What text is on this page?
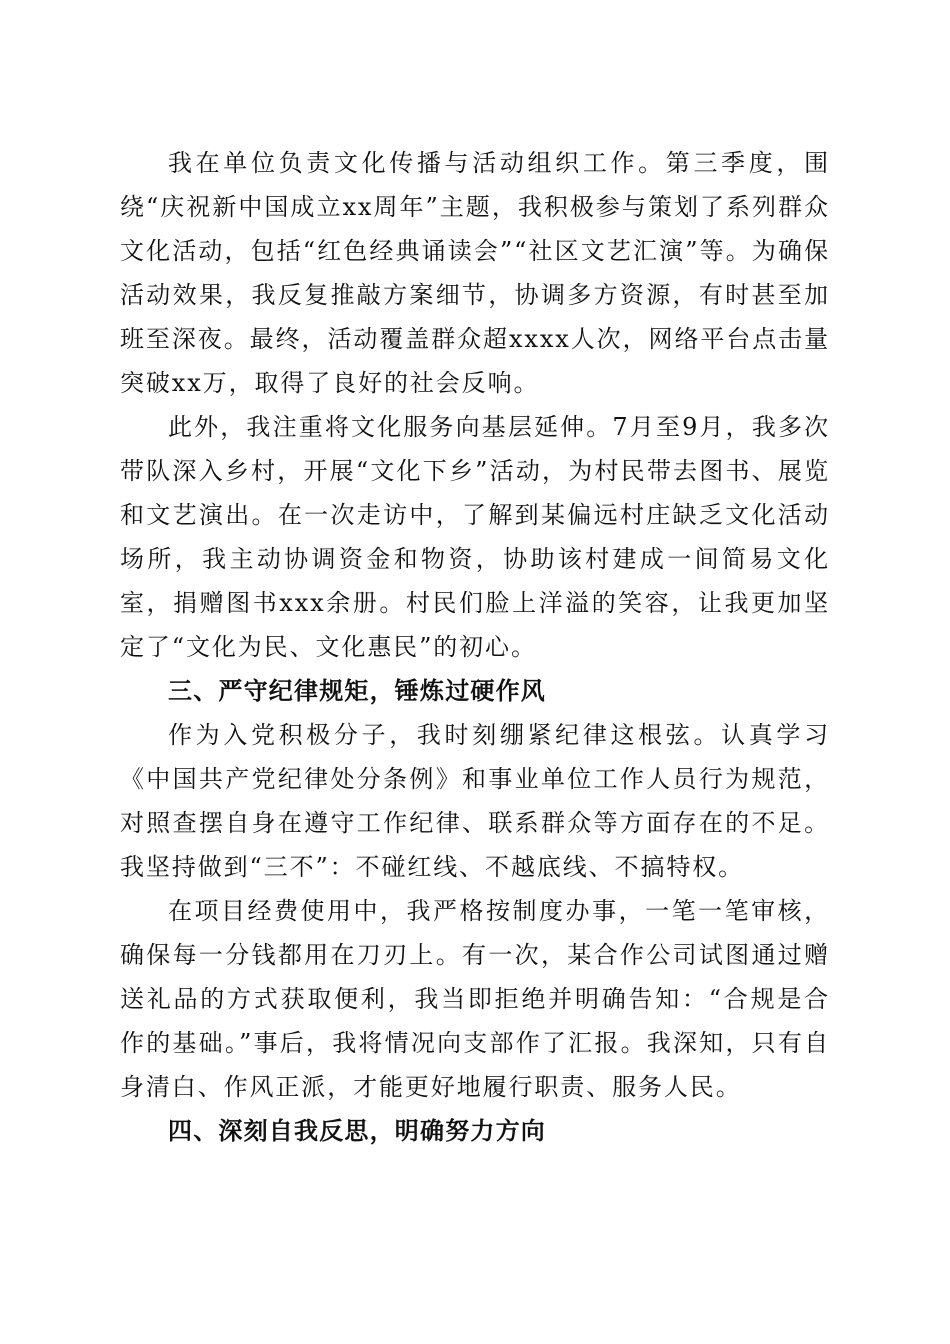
我在单位负责文化传播与活动组织工作。第三季度，围绕“庆祝新中国成立xx周年”主题，我积极参与策划了系列群众文化活动，包括“红色经典诵读会”“社区文艺汇演”等。为确保活动效果，我反复推敲方案细节，协调多方资源，有时甚至加班至深夜。最终，活动覆盖群众超xxxx人次，网络平台点击量突破xx万，取得了良好的社会反响。

此外，我注重将文化服务向基层延伸。7月至9月，我多次带队深入乡村，开展“文化下乡”活动，为村民带去图书、展览和文艺演出。在一次走访中，了解到某偏远村庄缺乏文化活动场所，我主动协调资金和物资，协助该村建成一间简易文化室，捐赠图书xxx余册。村民们脸上洋溢的笑容，让我更加坚定了“文化为民、文化惠民”的初心。

三、严守纪律规矩，锤炼过硬作风

作为入党积极分子，我时刻绷紧纪律这根弦。认真学习《中国共产党纪律处分条例》和事业单位工作人员行为规范，对照查摆自身在遵守工作纪律、联系群众等方面存在的不足。我坚持做到“三不”：不碰红线、不越底线、不搞特权。

在项目经费使用中，我严格按制度办事，一笔一笔审核，确保每一分钱都用在刀刃上。有一次，某合作公司试图通过赠送礼品的方式获取便利，我当即拒绝并明确告知：“合规是合作的基础。”事后，我将情况向支部作了汇报。我深知，只有自身清白、作风正派，才能更好地履行职责、服务人民。

四、深刻自我反思，明确努力方向
